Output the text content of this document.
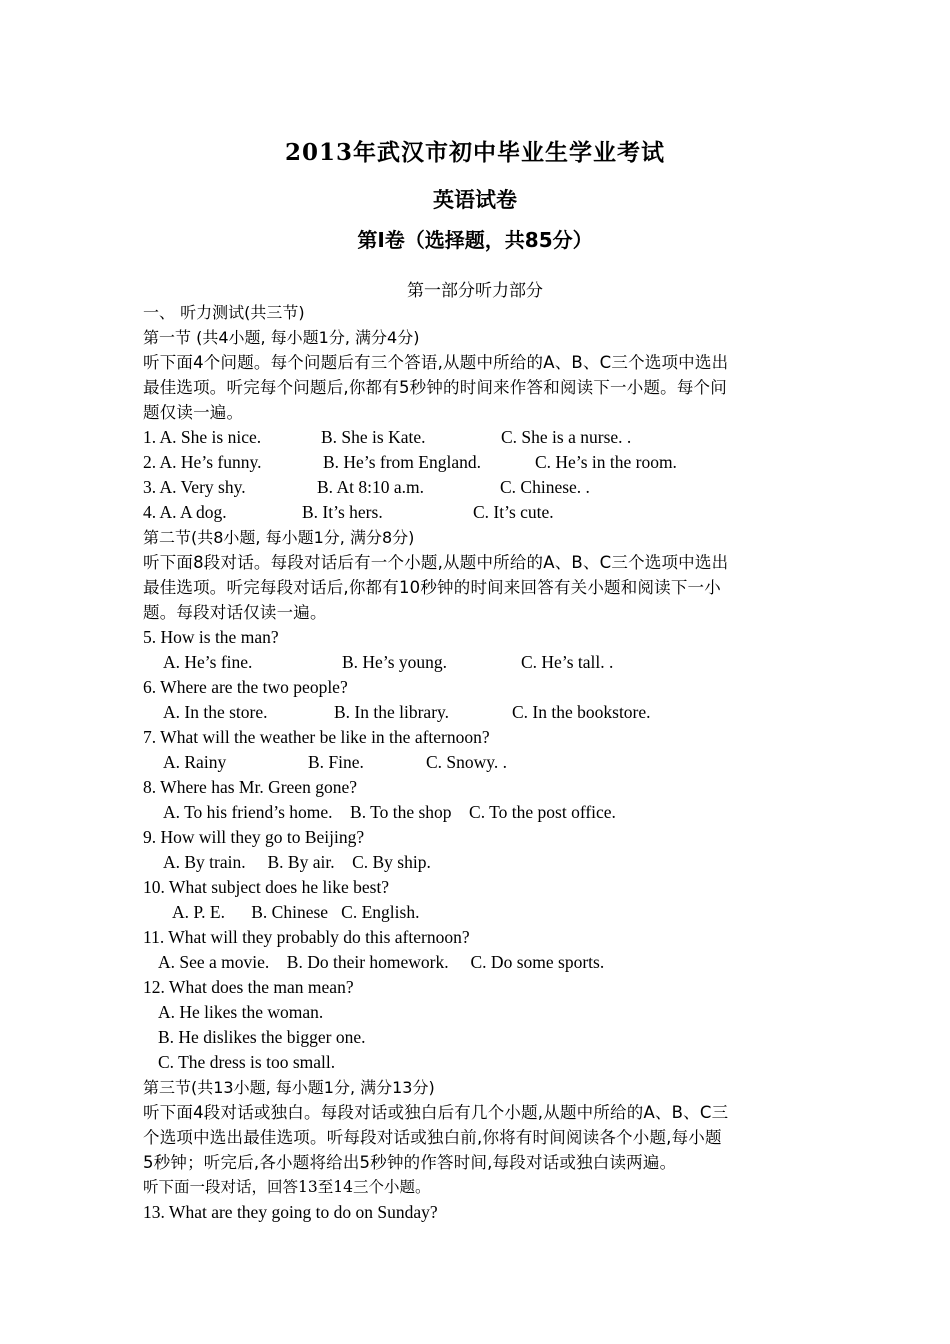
2013年武汉市初中毕业生学业考试
英语试卷
第Ⅰ卷（选择题，共85分）
第一部分听力部分
一、 听力测试(共三节)
第一节 (共4小题, 每小题1分, 满分4分)
听下面4个问题。每个问题后有三个答语,从题中所给的A、B、C三个选项中选出
最佳选项。听完每个问题后,你都有5秒钟的时间来作答和阅读下一小题。每个问
题仅读一遍。
1. A. She is nice.	B. She is Kate.	C. She is a nurse. .
2. A. He’s funny.	B. He’s from England.	C. He’s in the room.
3. A. Very shy.	B. At 8:10 a.m.	C. Chinese. .
4. A. A dog.	B. It’s hers.	C. It’s cute.
第二节(共8小题, 每小题1分, 满分8分)
听下面8段对话。每段对话后有一个小题,从题中所给的A、B、C三个选项中选出
最佳选项。听完每段对话后,你都有10秒钟的时间来回答有关小题和阅读下一小
题。每段对话仅读一遍。
5. How is the man?
A. He’s fine.	B. He’s young.	C. He’s tall. .
6. Where are the two people?
A. In the store.	B. In the library.	C. In the bookstore.
7. What will the weather be like in the afternoon?
A. Rainy	B. Fine.	C. Snowy. .
8. Where has Mr. Green gone?
A. To his friend’s home.    B. To the shop    C. To the post office.
9. How will they go to Beijing?
A. By train.     B. By air.    C. By ship.
10. What subject does he like best?
A. P. E.      B. Chinese   C. English.
11. What will they probably do this afternoon?
A. See a movie.    B. Do their homework.     C. Do some sports.
12. What does the man mean?
A. He likes the woman.
B. He dislikes the bigger one.
C. The dress is too small.
第三节(共13小题, 每小题1分, 满分13分)
听下面4段对话或独白。每段对话或独白后有几个小题,从题中所给的A、B、C三
个选项中选出最佳选项。听每段对话或独白前,你将有时间阅读各个小题,每小题
5秒钟；听完后,各小题将给出5秒钟的作答时间,每段对话或独白读两遍。
听下面一段对话，回答13至14三个小题。
13. What are they going to do on Sunday?
